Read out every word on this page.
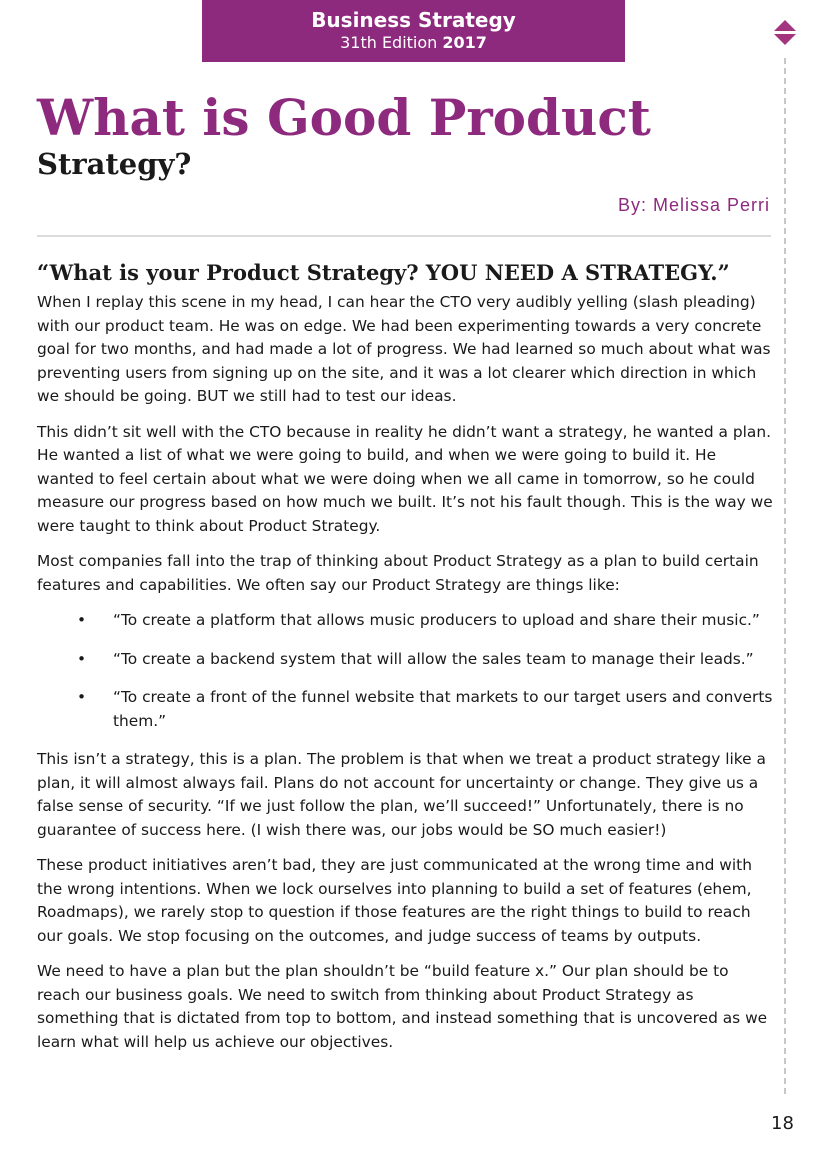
Business Strategy
31th Edition 2017
What is Good Product
Strategy?
By: Melissa Perri
“What is your Product Strategy? YOU NEED A STRATEGY.”

When I replay this scene in my head, I can hear the CTO very audibly yelling (slash pleading) with our product team. He was on edge. We had been experimenting towards a very concrete goal for two months, and had made a lot of progress. We had learned so much about what was preventing users from signing up on the site, and it was a lot clearer which direction in which we should be going. BUT we still had to test our ideas.

This didn’t sit well with the CTO because in reality he didn’t want a strategy, he wanted a plan. He wanted a list of what we were going to build, and when we were going to build it. He wanted to feel certain about what we were doing when we all came in tomorrow, so he could measure our progress based on how much we built. It’s not his fault though. This is the way we were taught to think about Product Strategy.

Most companies fall into the trap of thinking about Product Strategy as a plan to build certain features and capabilities. We often say our Product Strategy are things like:

• “To create a platform that allows music producers to upload and share their music.”
• “To create a backend system that will allow the sales team to manage their leads.”
• “To create a front of the funnel website that markets to our target users and converts them.”

This isn’t a strategy, this is a plan. The problem is that when we treat a product strategy like a plan, it will almost always fail. Plans do not account for uncertainty or change. They give us a false sense of security. “If we just follow the plan, we’ll succeed!” Unfortunately, there is no guarantee of success here. (I wish there was, our jobs would be SO much easier!)

These product initiatives aren’t bad, they are just communicated at the wrong time and with the wrong intentions. When we lock ourselves into planning to build a set of features (ehem, Roadmaps), we rarely stop to question if those features are the right things to build to reach our goals. We stop focusing on the outcomes, and judge success of teams by outputs.

We need to have a plan but the plan shouldn’t be “build feature x.” Our plan should be to reach our business goals. We need to switch from thinking about Product Strategy as something that is dictated from top to bottom, and instead something that is uncovered as we learn what will help us achieve our objectives.

18
